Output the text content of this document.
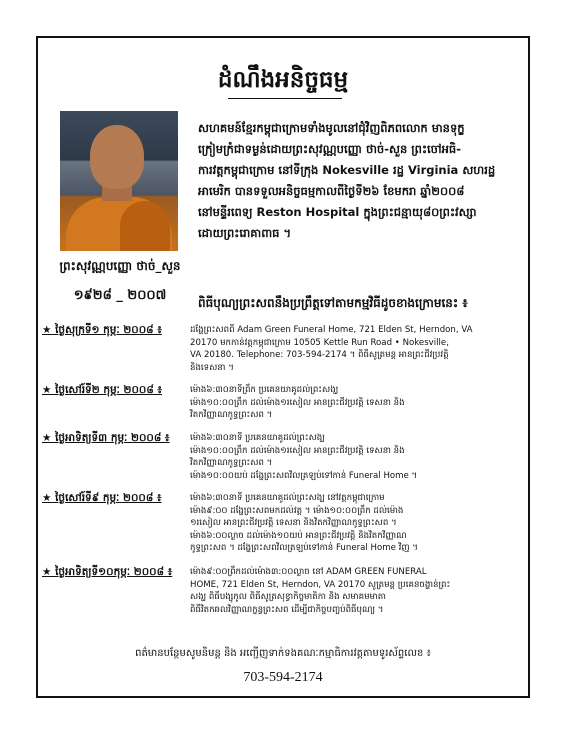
ដំណឹងអនិច្ចធម្ម
ព្រះសុវណ្ណបញ្ញោ ថាច់_សួន
១៩២៨ _ ២០០៧

សហគមន៍ខ្មែរកម្ពុជាក្រោមទាំងមូលនៅជុំវិញពិភពលោក មានទុក្ខ

ក្រៀមក្រំជាទម្ងន់ដោយព្រះសុវណ្ណបញ្ញោ ថាច់-សួន ព្រះចៅអធិ-

ការវត្តកម្ពុជាក្រោម នៅទីក្រុង Nokesville រដ្ឋ Virginia សហរដ្ឋ

អាមេរិក បានទទួលអនិច្ចធម្មកាលពីថ្ងៃទី២៦ ខែមករា ឆ្នាំ២០០៨

នៅមន្ទីរពេទ្យ Reston Hospital ក្នុងព្រះជន្មាយុ៨០ព្រះវស្សា

ដោយព្រះរោគាពាធ ។

ពិធីបុណ្យព្រះសពនឹងប្រព្រឹត្តទៅតាមកម្មវិធីដូចខាងក្រោមនេះ ៖
★ ថ្ងៃសុក្រទី១ កុម្ភៈ ២០០៨ ៖	ដង្ហែព្រះសពពី Adam Green Funeral Home, 721 Elden St, Herndon, VA

20170 មកកាន់វត្តកម្ពុជាក្រោម 10505 Kettle Run Road • Nokesville,

VA 20180. Telephone: 703-594-2174 ។ ពិធីសូត្រមន្ត អានព្រះជីវប្រវត្តិ

និងទេសនា ។

★ ថ្ងៃសៅរ៍ទី២ កុម្ភៈ ២០០៨ ៖	ម៉ោង៦:៣០នាទីព្រឹក ប្រគេនយាគូដល់ព្រះសង្ឃ

ម៉ោង១០:០០ព្រឹក ដល់ម៉ោង១រសៀល អានព្រះជីវប្រវត្តិ ទេសនា និង

វិតកវិញ្ញាណកូទ្ធព្រះសព ។

★ ថ្ងៃអាទិត្យទី៣ កុម្ភៈ ២០០៨ ៖	ម៉ោង៦:៣០នាទី ប្រគេនយាគូដល់ព្រះសង្ឃ

ម៉ោង១០:០០ព្រឹក ដល់ម៉ោង១រសៀល អានព្រះជីវប្រវត្តិ ទេសនា និង

វិតកវិញ្ញាណកូទ្ធព្រះសព ។

ម៉ោង១០:០០យប់ ដង្ហែព្រះសពវិលត្រឡប់ទៅកាន់ Funeral Home ។

★ ថ្ងៃសៅរ៍ទី៩ កុម្ភៈ ២០០៨ ៖	ម៉ោង៦:៣០នាទី ប្រគេនយាគូដល់ព្រះសង្ឃ នៅវត្តកម្ពុជាក្រោម

ម៉ោង៩:០០ ដង្ហែព្រះសពមកដល់វត្ត ។ ម៉ោង១០:០០ព្រឹក ដល់ម៉ោង

១រសៀល អានព្រះជីវប្រវត្តិ ទេសនា និងវិតកវិញ្ញាណកូទ្ធព្រះសព ។

ម៉ោង៦:០០ល្ងាច ដល់ម៉ោង១០យប់ អានព្រះជីវប្រវត្តិ និងវិតកវិញ្ញាណ

កូទ្ធព្រះសព ។ ដង្ហែព្រះសពវិលត្រឡប់ទៅកាន់ Funeral Home វិញ ។

★ ថ្ងៃអាទិត្យទី១០កុម្ភៈ ២០០៨ ៖	ម៉ោង៩:០០ព្រឹកដល់ម៉ោង៣:០០ល្ងាច នៅ ADAM GREEN FUNERAL

HOME, 721 Elden St, Herndon, VA 20170 សូត្រមន្ត ប្រគេនចង្ហាន់ព្រះ

សង្ឃ ពិធីបង្សុកូល ពិធីសូត្រសុខ្ធាកិច្ចមាតិកា និង សមាគមមាតា

ពិធីវិតកឆលវិញ្ញាណក្ខន្ធព្រះសព ដើម្បីជាកិច្ចបញ្ចប់ពិធីបុណ្យ ។

ពត៌មានបន្ថែមសូមនិមន្ត និង អញ្ជើញទាក់ទងគណៈកម្មាធិការវត្តតាមទូរស័ព្ទលេខ ៖
703-594-2174
